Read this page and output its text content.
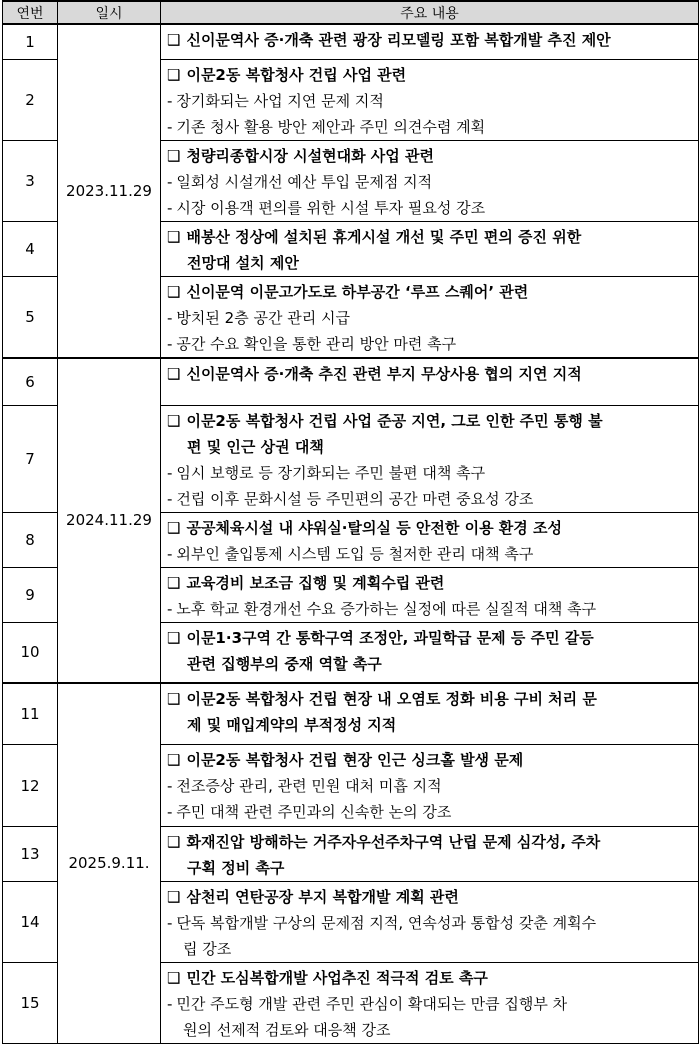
연번	일시	주요 내용
1	2023.11.29	❑ 신이문역사 증·개축 관련 광장 리모델링 포함 복합개발 추진 제안

2		❑ 이문2동 복합청사 건립 사업 관련
- 장기화되는 사업 지연 문제 지적
- 기존 청사 활용 방안 제안과 주민 의견수렴 계획

3		❑ 청량리종합시장 시설현대화 사업 관련
- 일회성 시설개선 예산 투입 문제점 지적
- 시장 이용객 편의를 위한 시설 투자 필요성 강조

4		❑ 배봉산 정상에 설치된 휴게시설 개선 및 주민 편의 증진 위한
전망대 설치 제안

5		❑ 신이문역 이문고가도로 하부공간 ‘루프 스퀘어’ 관련
- 방치된 2층 공간 관리 시급
- 공간 수요 확인을 통한 관리 방안 마련 촉구

6	2024.11.29	❑ 신이문역사 증·개축 추진 관련 부지 무상사용 협의 지연 지적

7		❑ 이문2동 복합청사 건립 사업 준공 지연, 그로 인한 주민 통행 불
편 및 인근 상권 대책
- 임시 보행로 등 장기화되는 주민 불편 대책 촉구
- 건립 이후 문화시설 등 주민편의 공간 마련 중요성 강조

8		❑ 공공체육시설 내 샤워실·탈의실 등 안전한 이용 환경 조성
- 외부인 출입통제 시스템 도입 등 철저한 관리 대책 촉구

9		❑ 교육경비 보조금 집행 및 계획수립 관련
- 노후 학교 환경개선 수요 증가하는 실정에 따른 실질적 대책 촉구

10		❑ 이문1·3구역 간 통학구역 조정안, 과밀학급 문제 등 주민 갈등
관련 집행부의 중재 역할 촉구

11	2025.9.11.	❑ 이문2동 복합청사 건립 현장 내 오염토 정화 비용 구비 처리 문
제 및 매입계약의 부적정성 지적

12		❑ 이문2동 복합청사 건립 현장 인근 싱크홀 발생 문제
- 전조증상 관리, 관련 민원 대처 미흡 지적
- 주민 대책 관련 주민과의 신속한 논의 강조

13		❑ 화재진압 방해하는 거주자우선주차구역 난립 문제 심각성, 주차
구획 정비 촉구

14		❑ 삼천리 연탄공장 부지 복합개발 계획 관련
- 단독 복합개발 구상의 문제점 지적, 연속성과 통합성 갖춘 계획수
립 강조

15		❑ 민간 도심복합개발 사업추진 적극적 검토 촉구
- 민간 주도형 개발 관련 주민 관심이 확대되는 만큼 집행부 차
원의 선제적 검토와 대응책 강조
